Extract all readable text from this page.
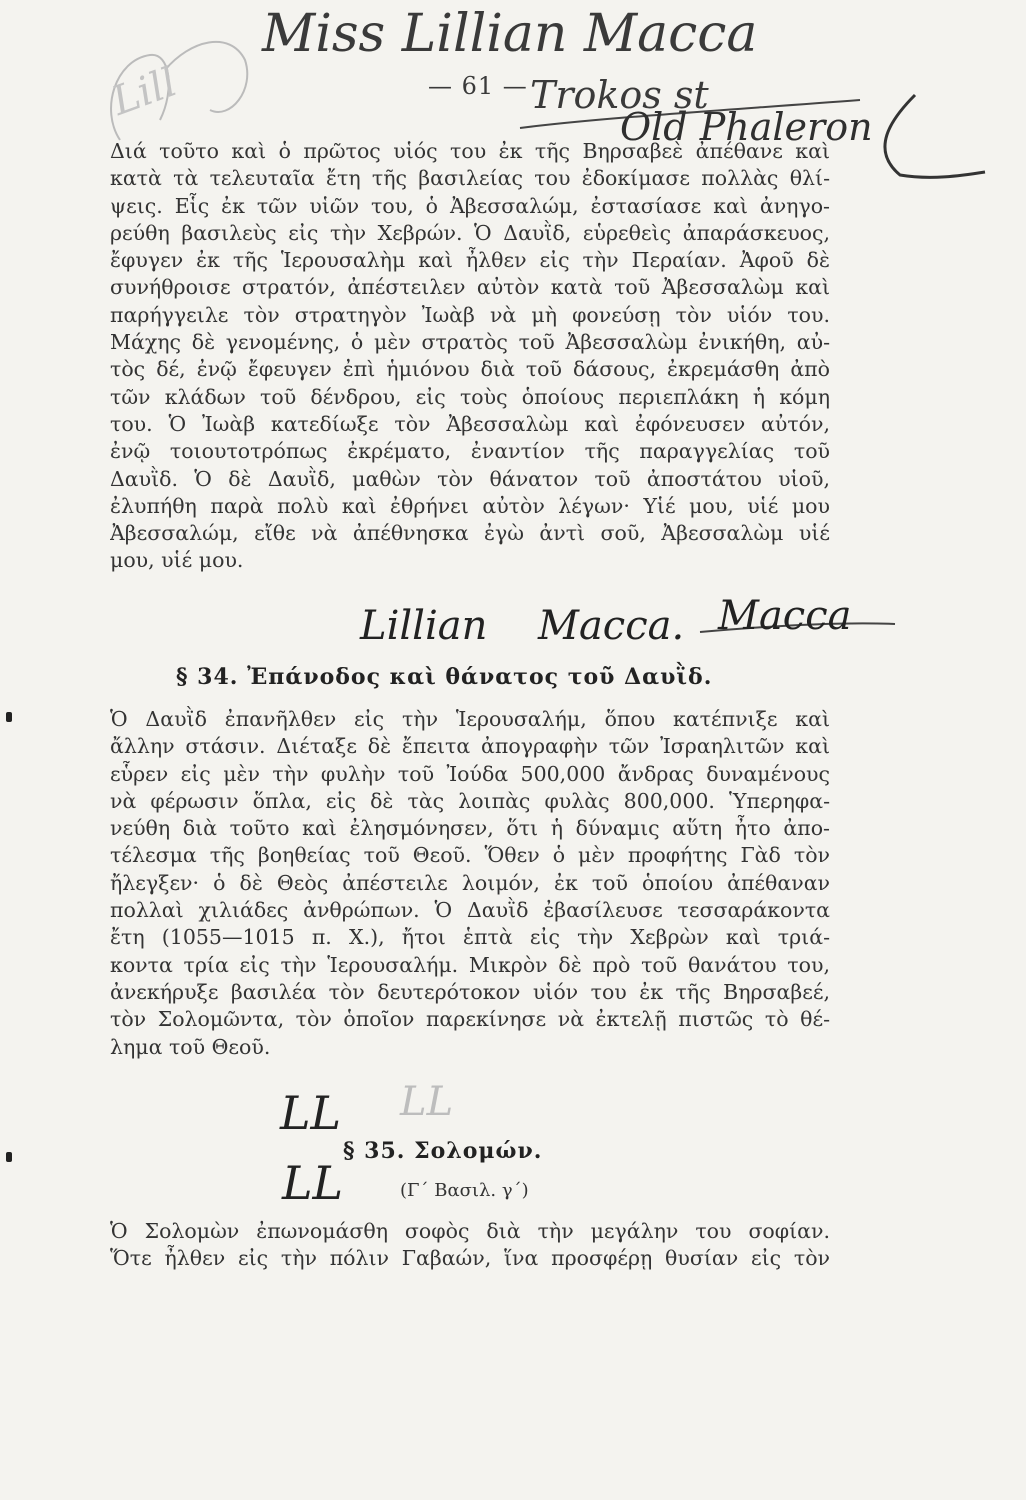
Miss Lillian Macca
Trokos st
Old Phaleron
Lill	— 61 —
Διά τοῦτο καὶ ὁ πρῶτος υἱός του ἐκ τῆς Βηρσαβεὲ ἀπέθανε καὶ
κατὰ τὰ τελευταῖα ἔτη τῆς βασιλείας του ἐδοκίμασε πολλὰς θλί-
ψεις. Εἷς ἐκ τῶν υἱῶν του, ὁ Ἀβεσσαλώμ, ἐστασίασε καὶ ἀνηγο-
ρεύθη βασιλεὺς εἰς τὴν Χεβρών. Ὁ Δαυῒδ, εὑρεθεὶς ἀπαράσκευος,
ἔφυγεν ἐκ τῆς Ἱερουσαλὴμ καὶ ἦλθεν εἰς τὴν Περαίαν. Ἀφοῦ δὲ
συνήθροισε στρατόν, ἀπέστειλεν αὐτὸν κατὰ τοῦ Ἀβεσσαλὼμ καὶ
παρήγγειλε τὸν στρατηγὸν Ἰωὰβ νὰ μὴ φονεύσῃ τὸν υἱόν του.
Μάχης δὲ γενομένης, ὁ μὲν στρατὸς τοῦ Ἀβεσσαλὼμ ἐνικήθη, αὐ-
τὸς δέ, ἐνῷ ἔφευγεν ἐπὶ ἡμιόνου διὰ τοῦ δάσους, ἐκρεμάσθη ἀπὸ
τῶν κλάδων τοῦ δένδρου, εἰς τοὺς ὁποίους περιεπλάκη ἡ κόμη
του. Ὁ Ἰωὰβ κατεδίωξε τὸν Ἀβεσσαλὼμ καὶ ἐφόνευσεν αὐτόν,
ἐνῷ τοιουτοτρόπως ἐκρέματο, ἐναντίον τῆς παραγγελίας τοῦ
Δαυῒδ. Ὁ δὲ Δαυῒδ, μαθὼν τὸν θάνατον τοῦ ἀποστάτου υἱοῦ,
ἐλυπήθη παρὰ πολὺ καὶ ἐθρήνει αὐτὸν λέγων· Υἱέ μου, υἱέ μου
Ἀβεσσαλώμ, εἴθε νὰ ἀπέθνησκα ἐγὼ ἀντὶ σοῦ, Ἀβεσσαλὼμ υἱέ
μου, υἱέ μου.
Lillian Macca. Macca
§ 34. Ἐπάνοδος καὶ θάνατος τοῦ Δαυῒδ.
Ὁ Δαυῒδ ἐπανῆλθεν εἰς τὴν Ἱερουσαλήμ, ὅπου κατέπνιξε καὶ
ἄλλην στάσιν. Διέταξε δὲ ἔπειτα ἀπογραφὴν τῶν Ἰσραηλιτῶν καὶ
εὗρεν εἰς μὲν τὴν φυλὴν τοῦ Ἰούδα 500,000 ἄνδρας δυναμένους
νὰ φέρωσιν ὅπλα, εἰς δὲ τὰς λοιπὰς φυλὰς 800,000. Ὑπερηφα-
νεύθη διὰ τοῦτο καὶ ἐλησμόνησεν, ὅτι ἡ δύναμις αὕτη ἦτο ἀπο-
τέλεσμα τῆς βοηθείας τοῦ Θεοῦ. Ὅθεν ὁ μὲν προφήτης Γὰδ τὸν
ἤλεγξεν· ὁ δὲ Θεὸς ἀπέστειλε λοιμόν, ἐκ τοῦ ὁποίου ἀπέθαναν
πολλαὶ χιλιάδες ἀνθρώπων. Ὁ Δαυῒδ ἐβασίλευσε τεσσαράκοντα
ἔτη (1055—1015 π. Χ.), ἤτοι ἑπτὰ εἰς τὴν Χεβρὼν καὶ τριά-
κοντα τρία εἰς τὴν Ἱερουσαλήμ. Μικρὸν δὲ πρὸ τοῦ θανάτου του,
ἀνεκήρυξε βασιλέα τὸν δευτερότοκον υἱόν του ἐκ τῆς Βηρσαβεέ,
τὸν Σολομῶντα, τὸν ὁποῖον παρεκίνησε νὰ ἐκτελῇ πιστῶς τὸ θέ-
λημα τοῦ Θεοῦ.
LL LL
LL
§ 35. Σολομών.
(Γ΄ Βασιλ. γ΄)
Ὁ Σολομὼν ἐπωνομάσθη σοφὸς διὰ τὴν μεγάλην του σοφίαν.
Ὅτε ἦλθεν εἰς τὴν πόλιν Γαβαών, ἵνα προσφέρῃ θυσίαν εἰς τὸν
